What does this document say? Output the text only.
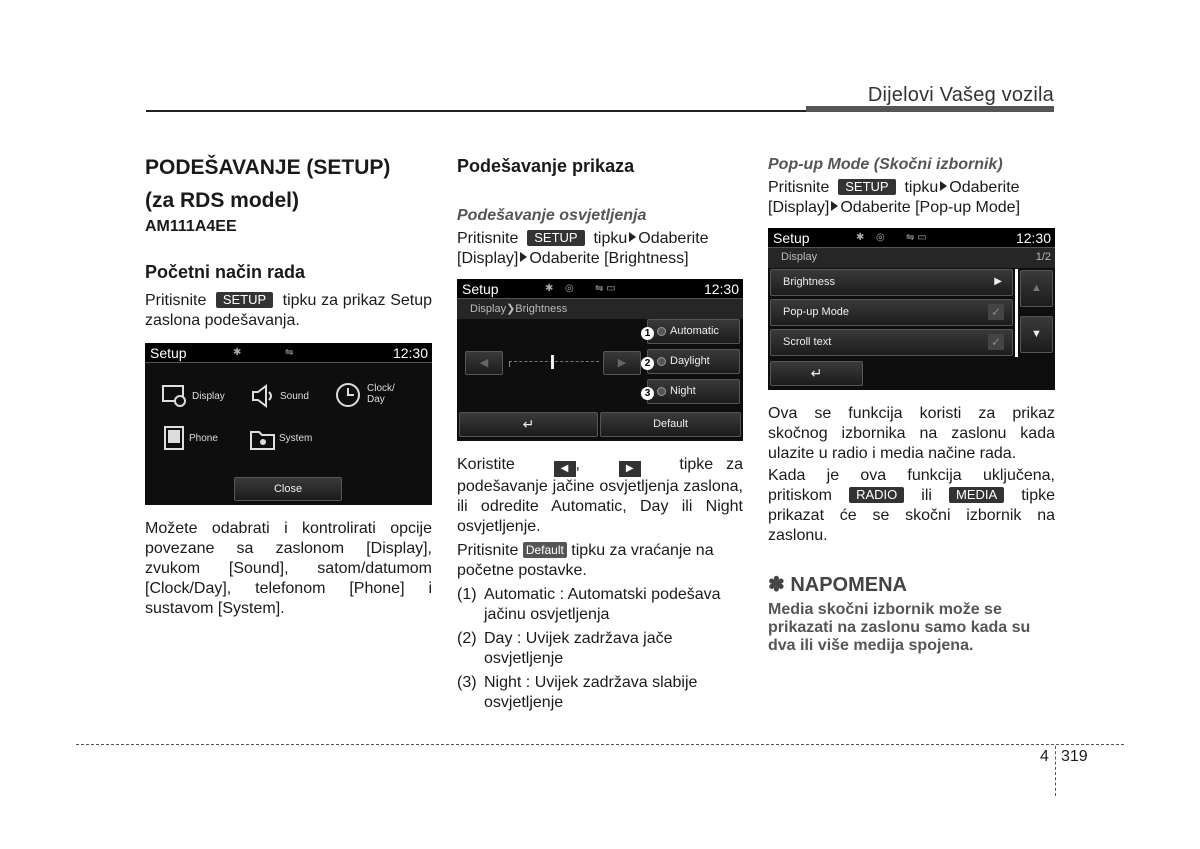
Dijelovi Vašeg vozila
PODEŠAVANJE (SETUP)
(za RDS model)
AM111A4EE
Početni način rada

Pritisnite SETUP tipku za prikaz Setup zaslona podešavanja.

Setup	✱	⇋	12:30
Display	Sound
Clock/
Day
Phone	System
Close

Možete odabrati i kontrolirati opcije povezane sa zaslonom [Display], zvukom [Sound], satom/datumom [Clock/Day], telefonom [Phone] i sustavom [System].

Podešavanje prikaza
Podešavanje osvjetljenja

Pritisnite SETUP tipku Odaberite
[Display] Odaberite [Brightness]

Setup	✱ ◎ ⇋ ▭	12:30
Display❯Brightness
◀	▶
Automatic
Daylight
Night
1
2
3
↵	Default

Koristite	◀ ,	▶	tipke za podešavanje jačine osvjetljenja zaslona, ili odredite Automatic, Day ili Night osvjetljenje.

Pritisnite Default tipku za vraćanje na početne postavke.

(1) Automatic : Automatski podešava jačinu osvjetljenja
(2) Day : Uvijek zadržava jače osvjetljenje
(3) Night : Uvijek zadržava slabije osvjetljenje
Pop-up Mode (Skočni izbornik)

Pritisnite SETUP tipku Odaberite
[Display] Odaberite [Pop-up Mode]

Setup	✱ ◎ ⇋ ▭	12:30
Display	1/2
Brightness	▶
Pop-up Mode	✓
Scroll text	✓
▲
▼
↵

Ova se funkcija koristi za prikaz skočnog izbornika na zaslonu kada ulazite u radio i media načine rada.

Kada je ova funkcija uključena, pritiskom RADIO ili MEDIA tipke prikazat će se skočni izbornik na zaslonu.

✽ NAPOMENA
Media skočni izbornik može se prikazati na zaslonu samo kada su dva ili više medija spojena.
4 319
